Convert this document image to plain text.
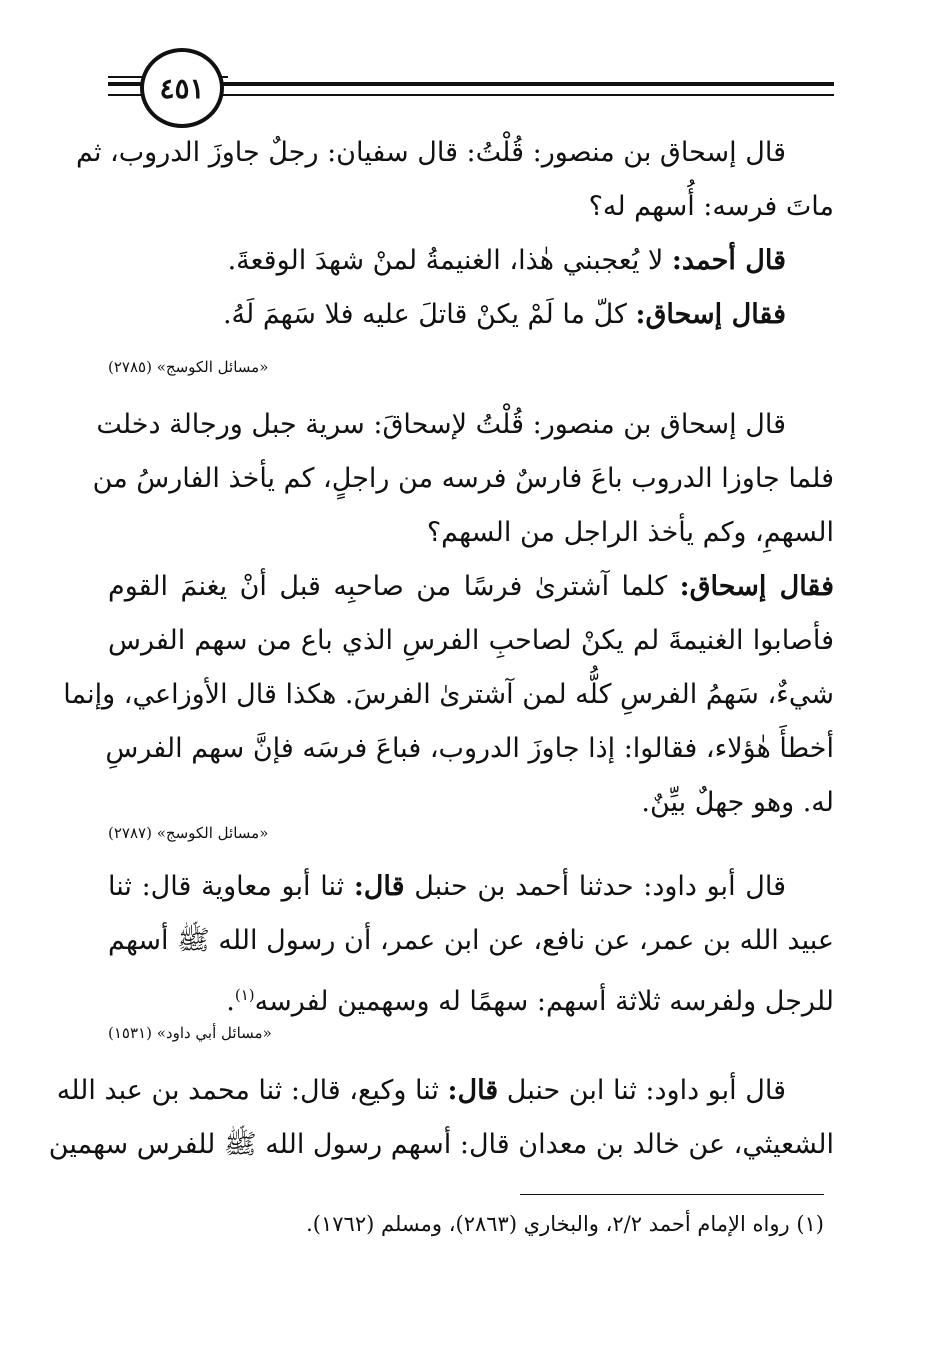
٤٥١
قال إسحاق بن منصور: قُلْتُ: قال سفيان: رجلٌ جاوزَ الدروب، ثم
ماتَ فرسه: أُسهم له؟
قال أحمد: لا يُعجبني هٰذا، الغنيمةُ لمنْ شهدَ الوقعةَ.
فقال إسحاق: كلّ ما لَمْ يكنْ قاتلَ عليه فلا سَهمَ لَهُ.
«مسائل الكوسج» (٢٧٨٥)
قال إسحاق بن منصور: قُلْتُ لإسحاقَ: سرية جبل ورجالة دخلت
فلما جاوزا الدروب باعَ فارسٌ فرسه من راجلٍ، كم يأخذ الفارسُ من
السهمِ، وكم يأخذ الراجل من السهم؟
فقال إسحاق: كلما آشترىٰ فرسًا من صاحبِه قبل أنْ يغنمَ القوم
فأصابوا الغنيمةَ لم يكنْ لصاحبِ الفرسِ الذي باع من سهم الفرس
شيءٌ، سَهمُ الفرسِ كلُّه لمن آشترىٰ الفرسَ. هكذا قال الأوزاعي، وإنما
أخطأَ هٰؤلاء، فقالوا: إذا جاوزَ الدروب، فباعَ فرسَه فإنَّ سهم الفرسِ
له. وهو جهلٌ بيِّنٌ.
«مسائل الكوسج» (٢٧٨٧)
قال أبو داود: حدثنا أحمد بن حنبل قال: ثنا أبو معاوية قال: ثنا
عبيد الله بن عمر، عن نافع، عن ابن عمر، أن رسول الله ﷺ أسهم
للرجل ولفرسه ثلاثة أسهم: سهمًا له وسهمين لفرسه$^{(١)}$.
«مسائل أبي داود» (١٥٣١)
قال أبو داود: ثنا ابن حنبل قال: ثنا وكيع، قال: ثنا محمد بن عبد الله
الشعيثي، عن خالد بن معدان قال: أسهم رسول الله ﷺ للفرس سهمين
(١) رواه الإمام أحمد ٢/٢، والبخاري (٢٨٦٣)، ومسلم (١٧٦٢).
